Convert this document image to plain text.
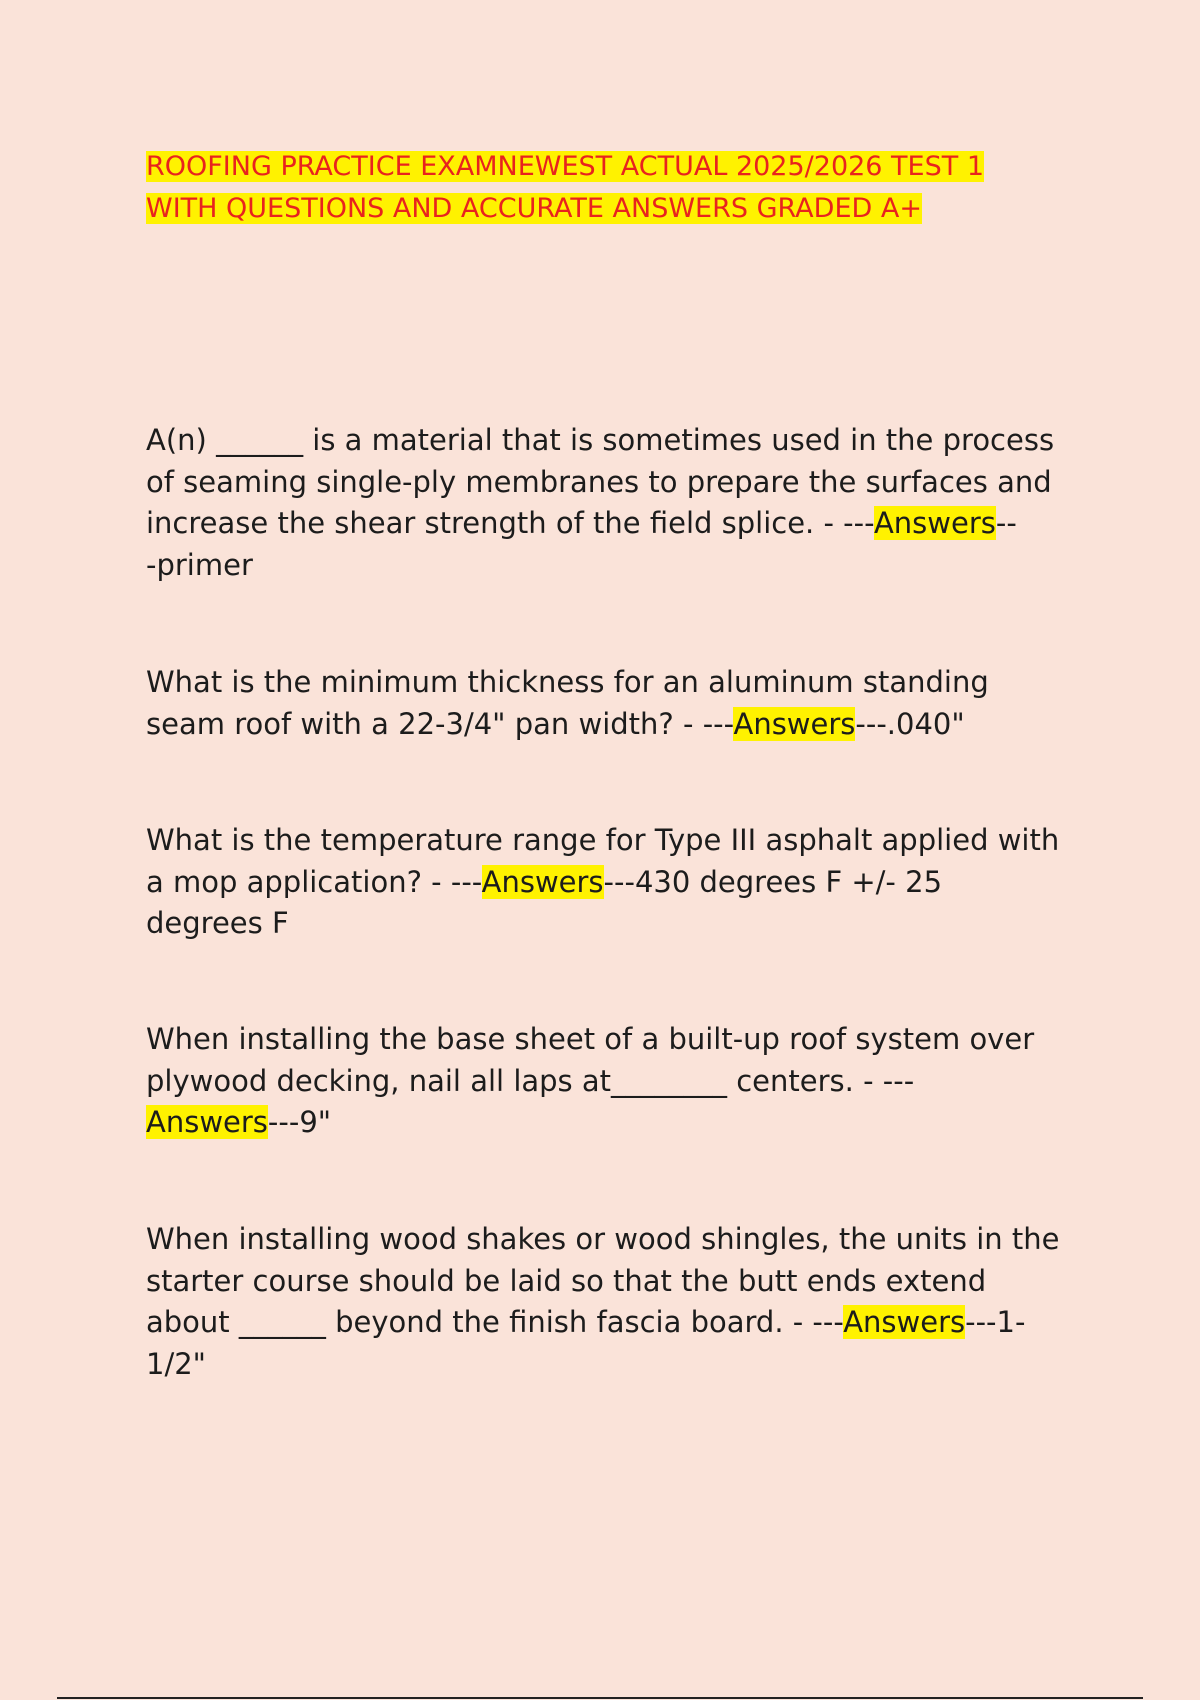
ROOFING PRACTICE EXAMNEWEST ACTUAL 2025/2026 TEST 1
WITH QUESTIONS AND ACCURATE ANSWERS GRADED A+

A(n) ______ is a material that is sometimes used in the process
of seaming single-ply membranes to prepare the surfaces and
increase the shear strength of the field splice. - ---Answers--
-primer

What is the minimum thickness for an aluminum standing
seam roof with a 22-3/4" pan width? - ---Answers---.040"

What is the temperature range for Type III asphalt applied with
a mop application? - ---Answers---430 degrees F +/- 25
degrees F

When installing the base sheet of a built-up roof system over
plywood decking, nail all laps at________ centers. - ---
Answers---9"

When installing wood shakes or wood shingles, the units in the
starter course should be laid so that the butt ends extend
about ______ beyond the finish fascia board. - ---Answers---1-
1/2"
